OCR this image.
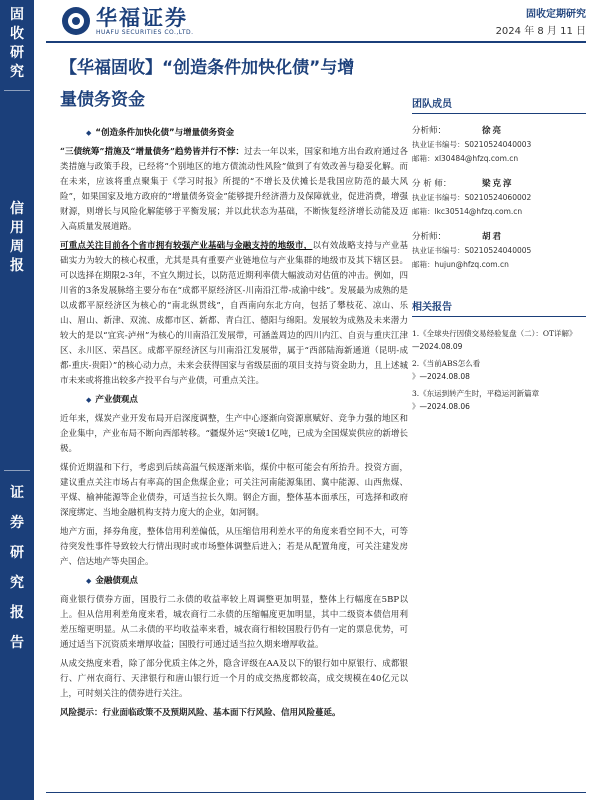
固收研究
信用周报
证券研究报告
华福证券
HUAFU SECURITIES CO.,LTD.
固收定期研究
2024 年 8 月 11 日
【华福固收】“创造条件加快化债”与增
量债务资金
◆ “创造条件加快化债”与增量债务资金

“三债统筹”措施及“增量债务”趋势皆并行不悖：过去一年以来，国家和地方出台政府通过各类措施与政策手段，已经将“个别地区的地方债流动性风险”做到了有效改善与稳妥化解。而在未来，应该将重点聚集于《学习时报》所提的“不增长及伏摊长是我国应防范的最大风险”，如果国家及地方政府的“增量债务资金”能够提升经济潜力及保障就业，促进消费，增强财源，则增长与风险化解能够于平衡发展；并以此状态为基础，不断恢复经济增长动能及迈入高质量发展道路。

可重点关注目前各个省市拥有较强产业基础与金融支持的地级市，以有效战略支持与产业基础实力为较大的核心权重，尤其是具有重要产业链地位与产业集群的地级市及其下辖区县。可以选择在期限2-3年，不宜久期过长，以防范近期利率债大幅波动对估值的冲击。例如，四川省的3条发展脉络主要分布在“成都平原经济区-川南沿江带-成渝中线”。发展最为成熟的是以成都平原经济区为核心的“南北纵贯线”，自西南向东北方向，包括了攀枝花、凉山、乐山、眉山、新津、双流、成都市区、新都、青白江、德阳与绵阳。发展较为成熟及未来潜力较大的是以“宜宾-泸州”为核心的川南沿江发展带，可涵盖周边的四川内江、自贡与重庆江津区、永川区、荣昌区。成都平原经济区与川南沿江发展带，属于“西部陆海新通道（昆明-成都-重庆-贵阳）”的核心动力点，未来会获得国家与省级层面的项目支持与资金助力，且上述城市未来或将推出较多产投平台与产业债，可重点关注。

◆ 产业债观点

近年来，煤炭产业开发布局开启深度调整，生产中心逐渐向资源禀赋好、竞争力强的地区和企业集中，产业布局不断向西部转移。“疆煤外运”突破1亿吨，已成为全国煤炭供应的新增长极。

煤价近期温和下行，考虑到后续高温气候逐渐来临，煤价中枢可能会有所抬升。投资方面，建议重点关注市场占有率高的国企焦煤企业；可关注河南能源集团、冀中能源、山西焦煤、平煤、榆神能源等企业债券，可适当拉长久期。钢企方面，整体基本面承压，可选择和政府深度绑定、当地金融机构支持力度大的企业，如河钢。

地产方面，择券角度，整体信用利差偏低，从压缩信用利差水平的角度来看空间不大，可等待突发性事件导致较大行情出现时或市场整体调整后进入；若是从配置角度，可关注建发房产、信达地产等央国企。

◆ 金融债观点

商业银行债券方面，国股行二永债的收益率较上周调整更加明显，整体上行幅度在5BP以上。但从信用利差角度来看，城农商行二永债的压缩幅度更加明显，其中二级资本债信用利差压缩更明显。从二永债的平均收益率来看，城农商行相较国股行仍有一定的票息优势，可通过适当下沉资质来增厚收益；国股行可通过适当拉久期来增厚收益。

从成交热度来看，除了部分优质主体之外，隐含评级在AA及以下的银行如中原银行、成都银行、广州农商行、天津银行和唐山银行近一个月的成交热度都较高，成交规模在40亿元以上，可时刻关注的债券进行关注。

风险提示：行业面临政策不及预期风险、基本面下行风险、信用风险蔓延。

团队成员
分析师：	徐亮
执业证书编号：S0210524040003
邮箱：xl30484@hfzq.com.cn
分 析 师：	梁克淳
执业证书编号：S0210524060002
邮箱：lkc30514@hfzq.com.cn
分析师：	胡君
执业证书编号：S0210524040005
邮箱：hujun@hfzq.com.cn
相关报告
1.《全球央行因债交易经验复盘（二）：OT详解》
—2024.08.09
2.《当前ABS怎么看
》—2024.08.08
3.《东运到转产生时，平稳运河新篇章
》—2024.08.06
